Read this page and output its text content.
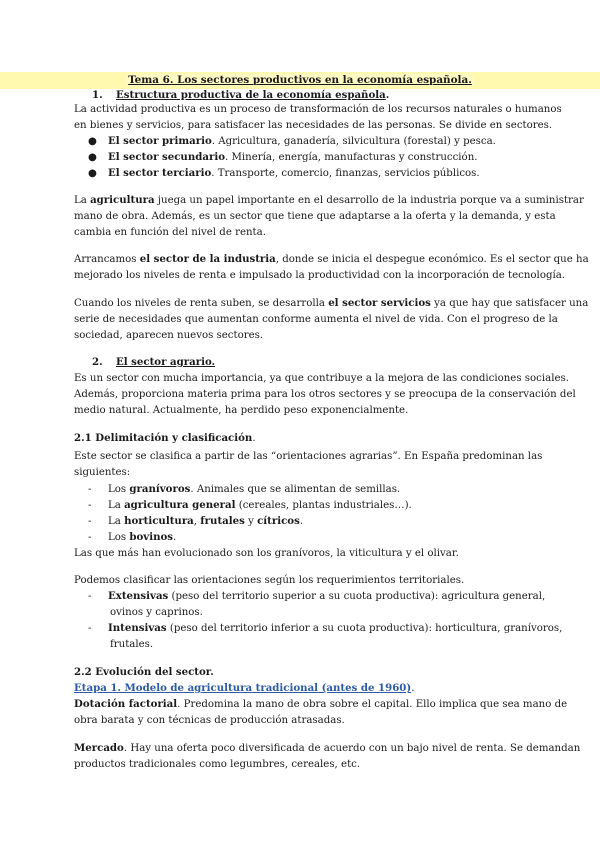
Tema 6. Los sectores productivos en la economía española.
1. Estructura productiva de la economía española.
La actividad productiva es un proceso de transformación de los recursos naturales o humanos
en bienes y servicios, para satisfacer las necesidades de las personas. Se divide en sectores.
● El sector primario. Agricultura, ganadería, silvicultura (forestal) y pesca.
● El sector secundario. Minería, energía, manufacturas y construcción.
● El sector terciario. Transporte, comercio, finanzas, servicios públicos.
La agricultura juega un papel importante en el desarrollo de la industria porque va a suministrar
mano de obra. Además, es un sector que tiene que adaptarse a la oferta y la demanda, y esta
cambia en función del nivel de renta.
Arrancamos el sector de la industria, donde se inicia el despegue económico. Es el sector que ha
mejorado los niveles de renta e impulsado la productividad con la incorporación de tecnología.
Cuando los niveles de renta suben, se desarrolla el sector servicios ya que hay que satisfacer una
serie de necesidades que aumentan conforme aumenta el nivel de vida. Con el progreso de la
sociedad, aparecen nuevos sectores.
2. El sector agrario.
Es un sector con mucha importancia, ya que contribuye a la mejora de las condiciones sociales.
Además, proporciona materia prima para los otros sectores y se preocupa de la conservación del
medio natural. Actualmente, ha perdido peso exponencialmente.
2.1 Delimitación y clasificación.
Este sector se clasifica a partir de las “orientaciones agrarias”. En España predominan las
siguientes:
- Los granívoros. Animales que se alimentan de semillas.
- La agricultura general (cereales, plantas industriales…).
- La horticultura, frutales y cítricos.
- Los bovinos.
Las que más han evolucionado son los granívoros, la viticultura y el olivar.
Podemos clasificar las orientaciones según los requerimientos territoriales.
- Extensivas (peso del territorio superior a su cuota productiva): agricultura general,
ovinos y caprinos.
- Intensivas (peso del territorio inferior a su cuota productiva): horticultura, granívoros,
frutales.
2.2 Evolución del sector.
Etapa 1. Modelo de agricultura tradicional (antes de 1960).
Dotación factorial. Predomina la mano de obra sobre el capital. Ello implica que sea mano de
obra barata y con técnicas de producción atrasadas.
Mercado. Hay una oferta poco diversificada de acuerdo con un bajo nivel de renta. Se demandan
productos tradicionales como legumbres, cereales, etc.
